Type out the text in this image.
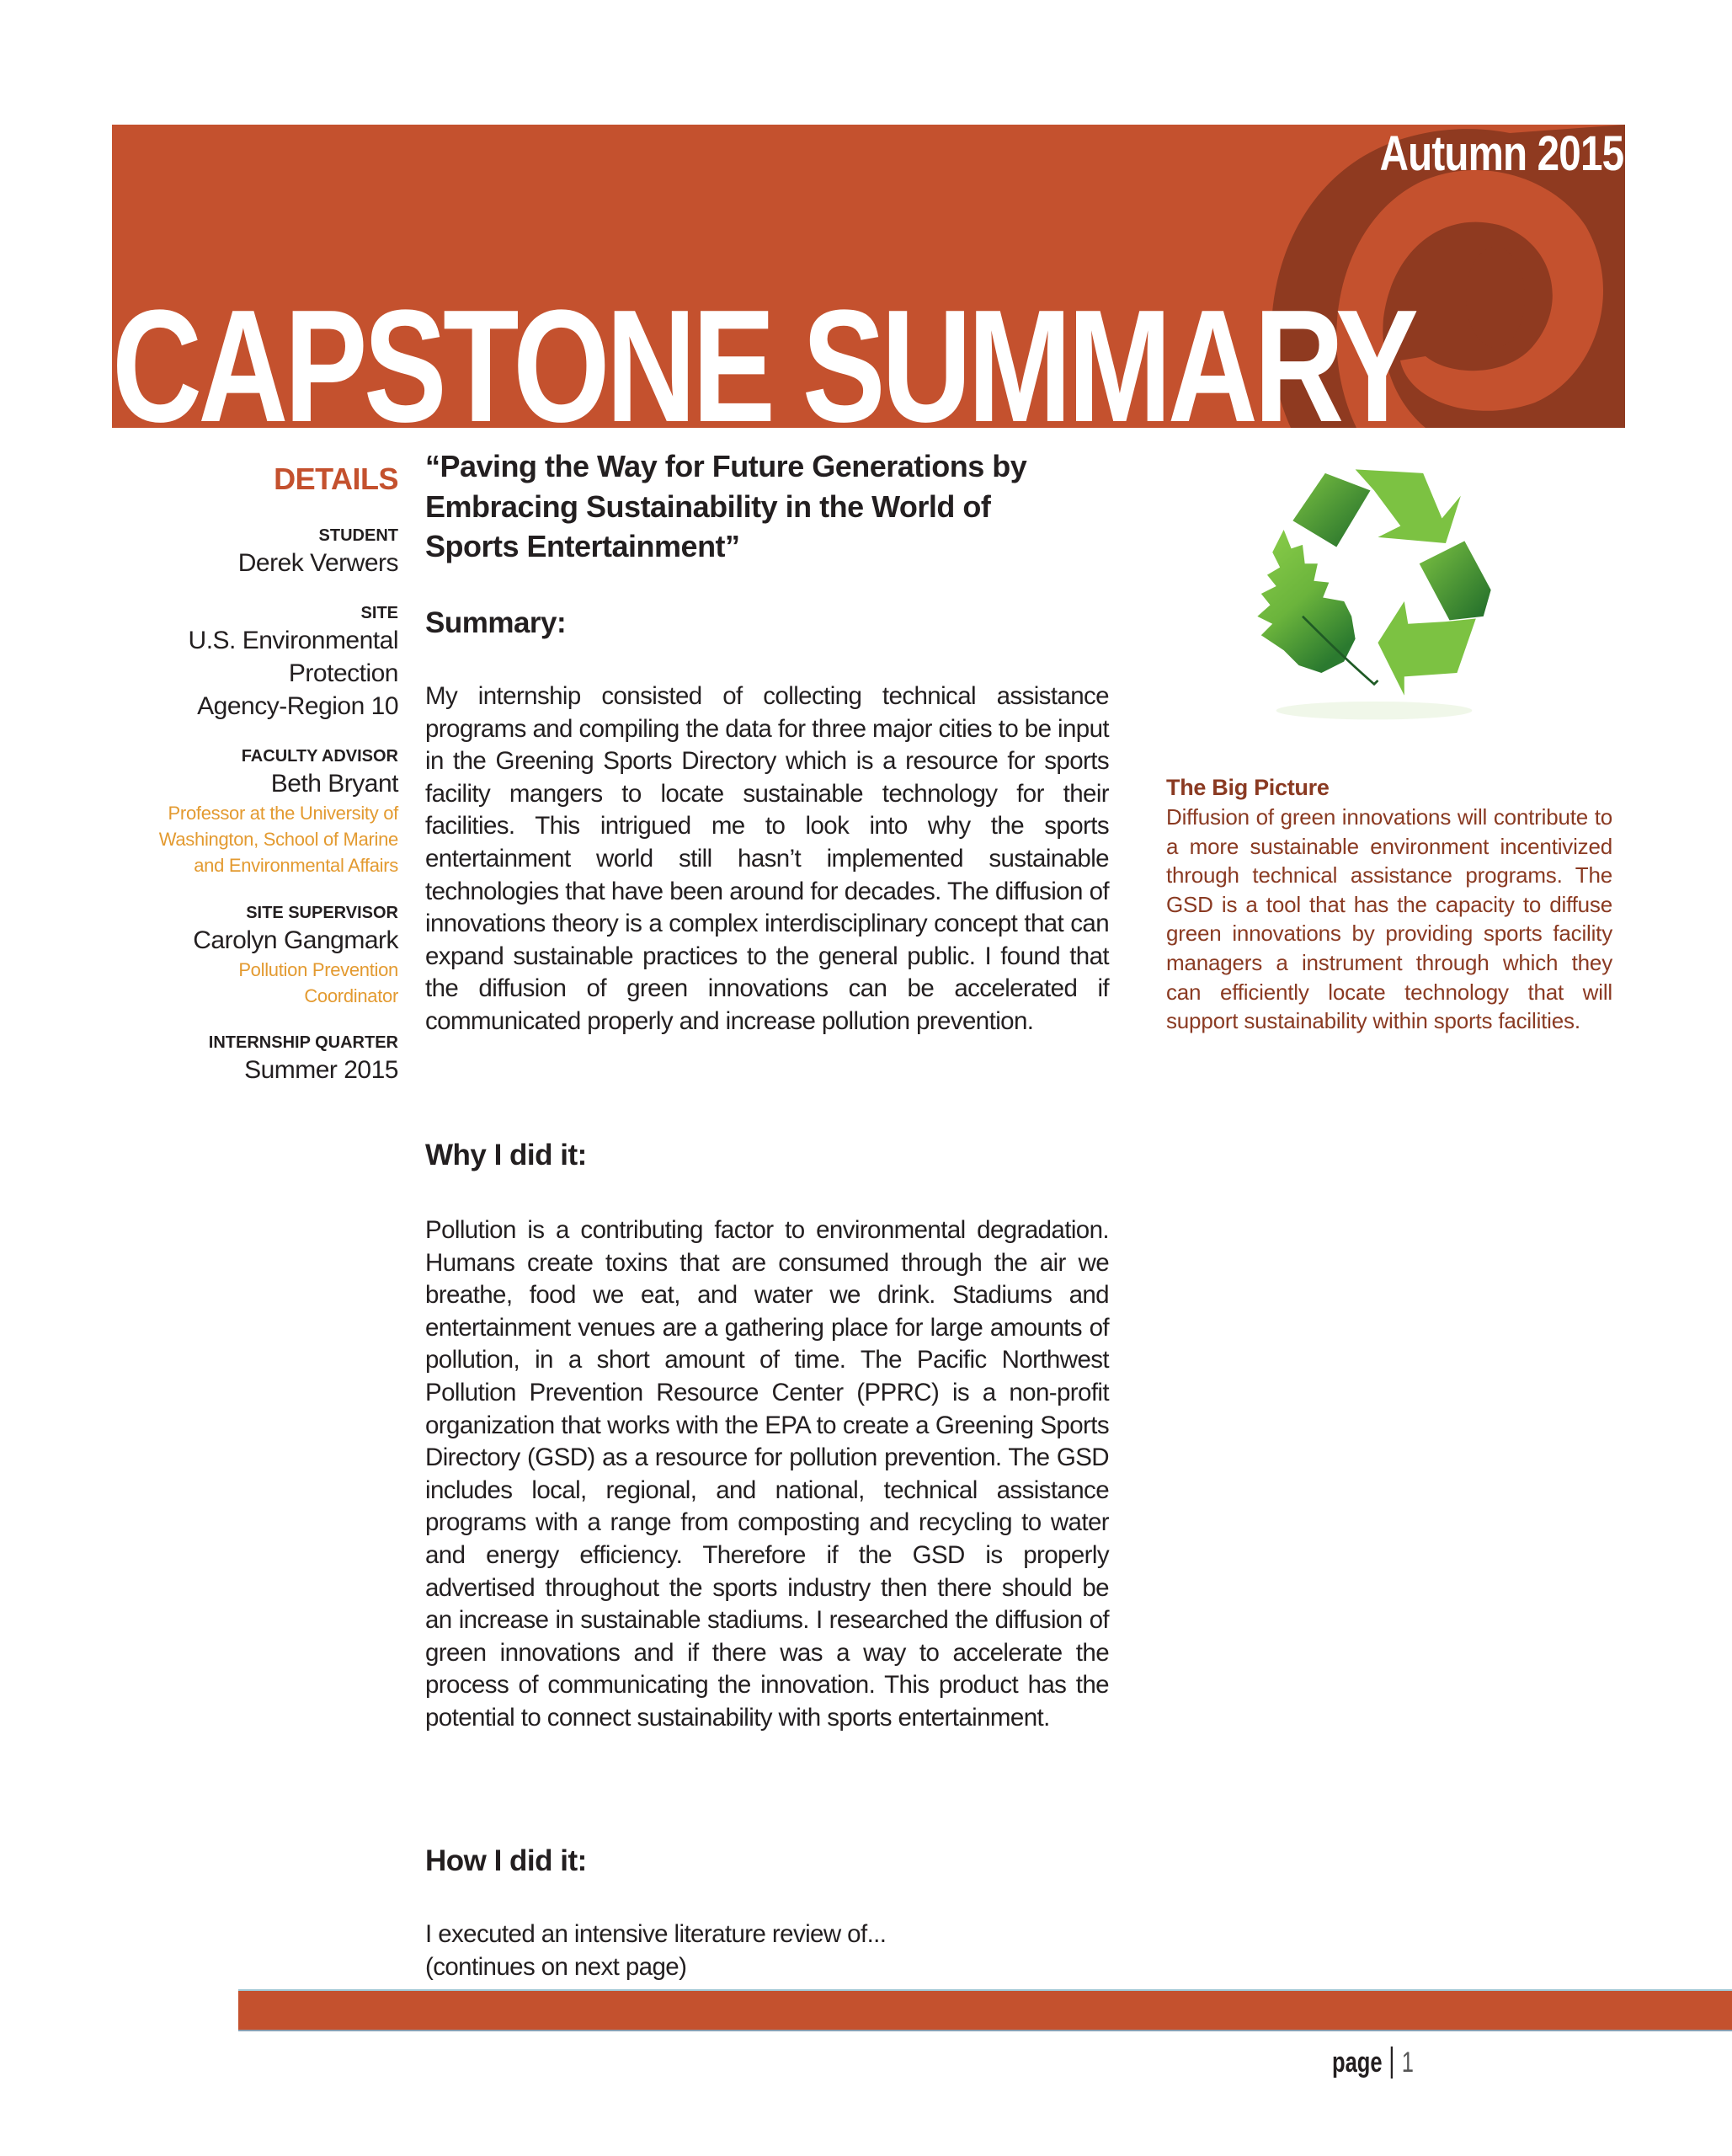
Autumn 2015
CAPSTONE SUMMARY
DETAILS
STUDENT
Derek Verwers
SITE
U.S. Environmental
Protection
Agency-Region 10
FACULTY ADVISOR
Beth Bryant
Professor at the University of
Washington, School of Marine
and Environmental Affairs
SITE SUPERVISOR
Carolyn Gangmark
Pollution Prevention
Coordinator
INTERNSHIP QUARTER
Summer 2015
“Paving the Way for Future Generations by
Embracing Sustainability in the World of
Sports Entertainment”
Summary:

My internship consisted of collecting technical assistance programs and compiling the data for three major cities to be input in the Greening Sports Directory which is a resource for sports facility mangers to locate sustainable technology for their facilities. This intrigued me to look into why the sports entertainment world still hasn’t implemented sustainable technologies that have been around for decades. The diffusion of innovations theory is a complex interdisciplinary concept that can expand sustainable practices to the general public. I found that the diffusion of green innovations can be accelerated if communicated properly and increase pollution prevention.

Why I did it:

Pollution is a contributing factor to environmental degradation. Humans create toxins that are consumed through the air we breathe, food we eat, and water we drink. Stadiums and entertainment venues are a gathering place for large amounts of pollution, in a short amount of time. The Pacific Northwest Pollution Prevention Resource Center (PPRC) is a non-profit organization that works with the EPA to create a Greening Sports Directory (GSD) as a resource for pollution prevention. The GSD includes local, regional, and national, technical assistance programs with a range from composting and recycling to water and energy efficiency. Therefore if the GSD is properly advertised throughout the sports industry then there should be an increase in sustainable stadiums. I researched the diffusion of green innovations and if there was a way to accelerate the process of communicating the innovation. This product has the potential to connect sustainability with sports entertainment.

How I did it:

I executed an intensive literature review of...
(continues on next page)

The Big Picture

Diffusion of green innovations will contribute to a more sustainable environment incentivized through technical assistance programs. The GSD is a tool that has the capacity to diffuse green innovations by providing sports facility managers a instrument through which they can efficiently locate technology that will support sustainability within sports facilities.

page 1
